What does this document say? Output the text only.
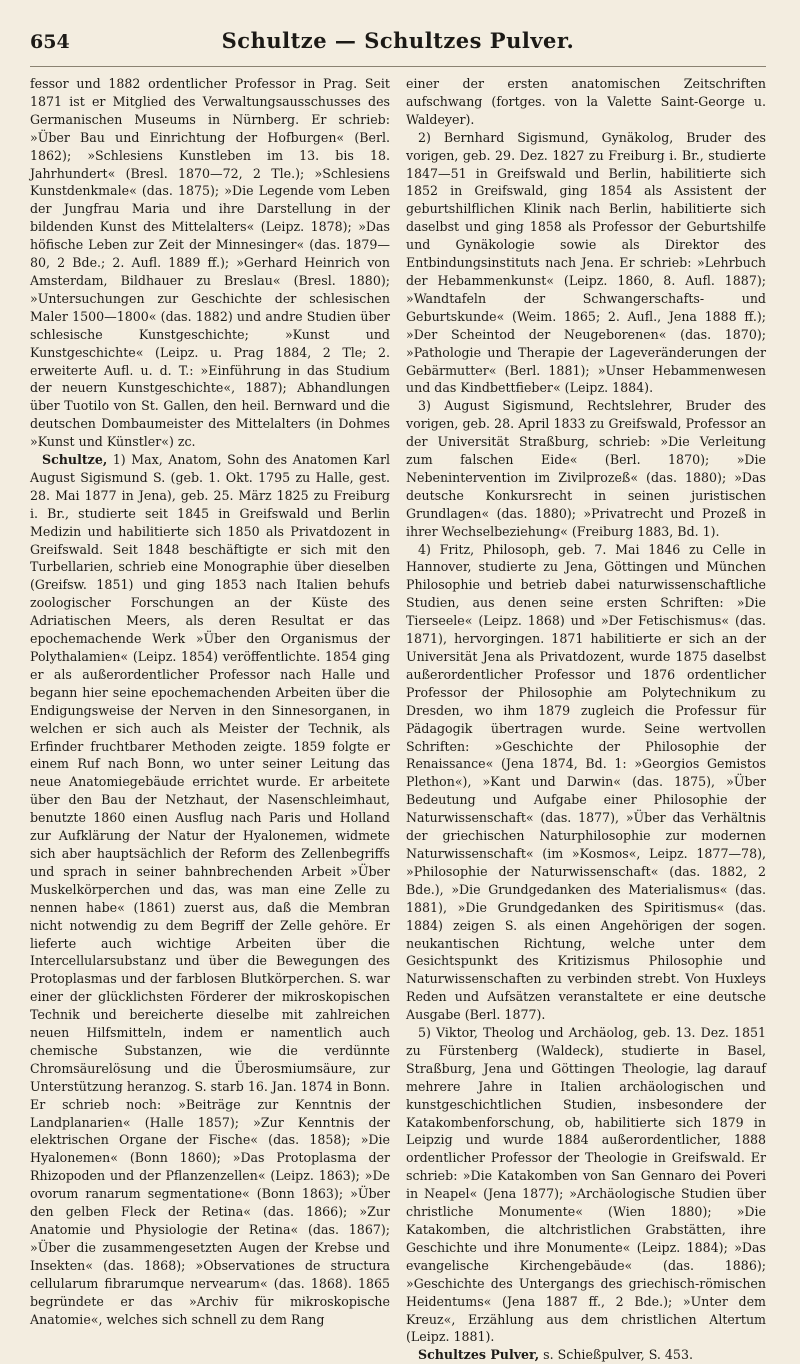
654	Schultze — Schultzes Pulver.

fessor und 1882 ordentlicher Professor in Prag. Seit 1871 ist er Mitglied des Verwaltungsausschusses des Germanischen Museums in Nürnberg. Er schrieb: »Über Bau und Einrichtung der Hofburgen« (Berl. 1862); »Schlesiens Kunstleben im 13. bis 18. Jahrhundert« (Bresl. 1870—72, 2 Tle.); »Schlesiens Kunstdenkmale« (das. 1875); »Die Legende vom Leben der Jungfrau Maria und ihre Darstellung in der bildenden Kunst des Mittelalters« (Leipz. 1878); »Das höfische Leben zur Zeit der Minnesinger« (das. 1879—80, 2 Bde.; 2. Aufl. 1889 ff.); »Gerhard Heinrich von Amsterdam, Bildhauer zu Breslau« (Bresl. 1880); »Untersuchungen zur Geschichte der schlesischen Maler 1500—1800« (das. 1882) und andre Studien über schlesische Kunstgeschichte; »Kunst und Kunstgeschichte« (Leipz. u. Prag 1884, 2 Tle; 2. erweiterte Aufl. u. d. T.: »Einführung in das Studium der neuern Kunstgeschichte«, 1887); Abhandlungen über Tuotilo von St. Gallen, den heil. Bernward und die deutschen Dombaumeister des Mittelalters (in Dohmes »Kunst und Künstler«) zc.

Schultze, 1) Max, Anatom, Sohn des Anatomen Karl August Sigismund S. (geb. 1. Okt. 1795 zu Halle, gest. 28. Mai 1877 in Jena), geb. 25. März 1825 zu Freiburg i. Br., studierte seit 1845 in Greifswald und Berlin Medizin und habilitierte sich 1850 als Privatdozent in Greifswald. Seit 1848 beschäftigte er sich mit den Turbellarien, schrieb eine Monographie über dieselben (Greifsw. 1851) und ging 1853 nach Italien behufs zoologischer Forschungen an der Küste des Adriatischen Meers, als deren Resultat er das epochemachende Werk »Über den Organismus der Polythalamien« (Leipz. 1854) veröffentlichte. 1854 ging er als außerordentlicher Professor nach Halle und begann hier seine epochemachenden Arbeiten über die Endigungsweise der Nerven in den Sinnesorganen, in welchen er sich auch als Meister der Technik, als Erfinder fruchtbarer Methoden zeigte. 1859 folgte er einem Ruf nach Bonn, wo unter seiner Leitung das neue Anatomiegebäude errichtet wurde. Er arbeitete über den Bau der Netzhaut, der Nasenschleimhaut, benutzte 1860 einen Ausflug nach Paris und Holland zur Aufklärung der Natur der Hyalonemen, widmete sich aber hauptsächlich der Reform des Zellenbegriffs und sprach in seiner bahnbrechenden Arbeit »Über Muskelkörperchen und das, was man eine Zelle zu nennen habe« (1861) zuerst aus, daß die Membran nicht notwendig zu dem Begriff der Zelle gehöre. Er lieferte auch wichtige Arbeiten über die Intercellularsubstanz und über die Bewegungen des Protoplasmas und der farblosen Blutkörperchen. S. war einer der glücklichsten Förderer der mikroskopischen Technik und bereicherte dieselbe mit zahlreichen neuen Hilfsmitteln, indem er namentlich auch chemische Substanzen, wie die verdünnte Chromsäurelösung und die Überosmiumsäure, zur Unterstützung heranzog. S. starb 16. Jan. 1874 in Bonn. Er schrieb noch: »Beiträge zur Kenntnis der Landplanarien« (Halle 1857); »Zur Kenntnis der elektrischen Organe der Fische« (das. 1858); »Die Hyalonemen« (Bonn 1860); »Das Protoplasma der Rhizopoden und der Pflanzenzellen« (Leipz. 1863); »De ovorum ranarum segmentatione« (Bonn 1863); »Über den gelben Fleck der Retina« (das. 1866); »Zur Anatomie und Physiologie der Retina« (das. 1867); »Über die zusammengesetzten Augen der Krebse und Insekten« (das. 1868); »Observationes de structura cellularum fibrarumque nervearum« (das. 1868). 1865 begründete er das »Archiv für mikroskopische Anatomie«, welches sich schnell zu dem Rang

einer der ersten anatomischen Zeitschriften aufschwang (fortges. von la Valette Saint-George u. Waldeyer).

2) Bernhard Sigismund, Gynäkolog, Bruder des vorigen, geb. 29. Dez. 1827 zu Freiburg i. Br., studierte 1847—51 in Greifswald und Berlin, habilitierte sich 1852 in Greifswald, ging 1854 als Assistent der geburtshilflichen Klinik nach Berlin, habilitierte sich daselbst und ging 1858 als Professor der Geburtshilfe und Gynäkologie sowie als Direktor des Entbindungsinstituts nach Jena. Er schrieb: »Lehrbuch der Hebammenkunst« (Leipz. 1860, 8. Aufl. 1887); »Wandtafeln der Schwangerschafts- und Geburtskunde« (Weim. 1865; 2. Aufl., Jena 1888 ff.); »Der Scheintod der Neugeborenen« (das. 1870); »Pathologie und Therapie der Lageveränderungen der Gebärmutter« (Berl. 1881); »Unser Hebammenwesen und das Kindbettfieber« (Leipz. 1884).

3) August Sigismund, Rechtslehrer, Bruder des vorigen, geb. 28. April 1833 zu Greifswald, Professor an der Universität Straßburg, schrieb: »Die Verleitung zum falschen Eide« (Berl. 1870); »Die Nebenintervention im Zivilprozeß« (das. 1880); »Das deutsche Konkursrecht in seinen juristischen Grundlagen« (das. 1880); »Privatrecht und Prozeß in ihrer Wechselbeziehung« (Freiburg 1883, Bd. 1).

4) Fritz, Philosoph, geb. 7. Mai 1846 zu Celle in Hannover, studierte zu Jena, Göttingen und München Philosophie und betrieb dabei naturwissenschaftliche Studien, aus denen seine ersten Schriften: »Die Tierseele« (Leipz. 1868) und »Der Fetischismus« (das. 1871), hervorgingen. 1871 habilitierte er sich an der Universität Jena als Privatdozent, wurde 1875 daselbst außerordentlicher Professor und 1876 ordentlicher Professor der Philosophie am Polytechnikum zu Dresden, wo ihm 1879 zugleich die Professur für Pädagogik übertragen wurde. Seine wertvollen Schriften: »Geschichte der Philosophie der Renaissance« (Jena 1874, Bd. 1: »Georgios Gemistos Plethon«), »Kant und Darwin« (das. 1875), »Über Bedeutung und Aufgabe einer Philosophie der Naturwissenschaft« (das. 1877), »Über das Verhältnis der griechischen Naturphilosophie zur modernen Naturwissenschaft« (im »Kosmos«, Leipz. 1877—78), »Philosophie der Naturwissenschaft« (das. 1882, 2 Bde.), »Die Grundgedanken des Materialismus« (das. 1881), »Die Grundgedanken des Spiritismus« (das. 1884) zeigen S. als einen Angehörigen der sogen. neukantischen Richtung, welche unter dem Gesichtspunkt des Kritizismus Philosophie und Naturwissenschaften zu verbinden strebt. Von Huxleys Reden und Aufsätzen veranstaltete er eine deutsche Ausgabe (Berl. 1877).

5) Viktor, Theolog und Archäolog, geb. 13. Dez. 1851 zu Fürstenberg (Waldeck), studierte in Basel, Straßburg, Jena und Göttingen Theologie, lag darauf mehrere Jahre in Italien archäologischen und kunstgeschichtlichen Studien, insbesondere der Katakombenforschung, ob, habilitierte sich 1879 in Leipzig und wurde 1884 außerordentlicher, 1888 ordentlicher Professor der Theologie in Greifswald. Er schrieb: »Die Katakomben von San Gennaro dei Poveri in Neapel« (Jena 1877); »Archäologische Studien über christliche Monumente« (Wien 1880); »Die Katakomben, die altchristlichen Grabstätten, ihre Geschichte und ihre Monumente« (Leipz. 1884); »Das evangelische Kirchengebäude« (das. 1886); »Geschichte des Untergangs des griechisch-römischen Heidentums« (Jena 1887 ff., 2 Bde.); »Unter dem Kreuz«, Erzählung aus dem christlichen Altertum (Leipz. 1881).

Schultzes Pulver, s. Schießpulver, S. 453.
